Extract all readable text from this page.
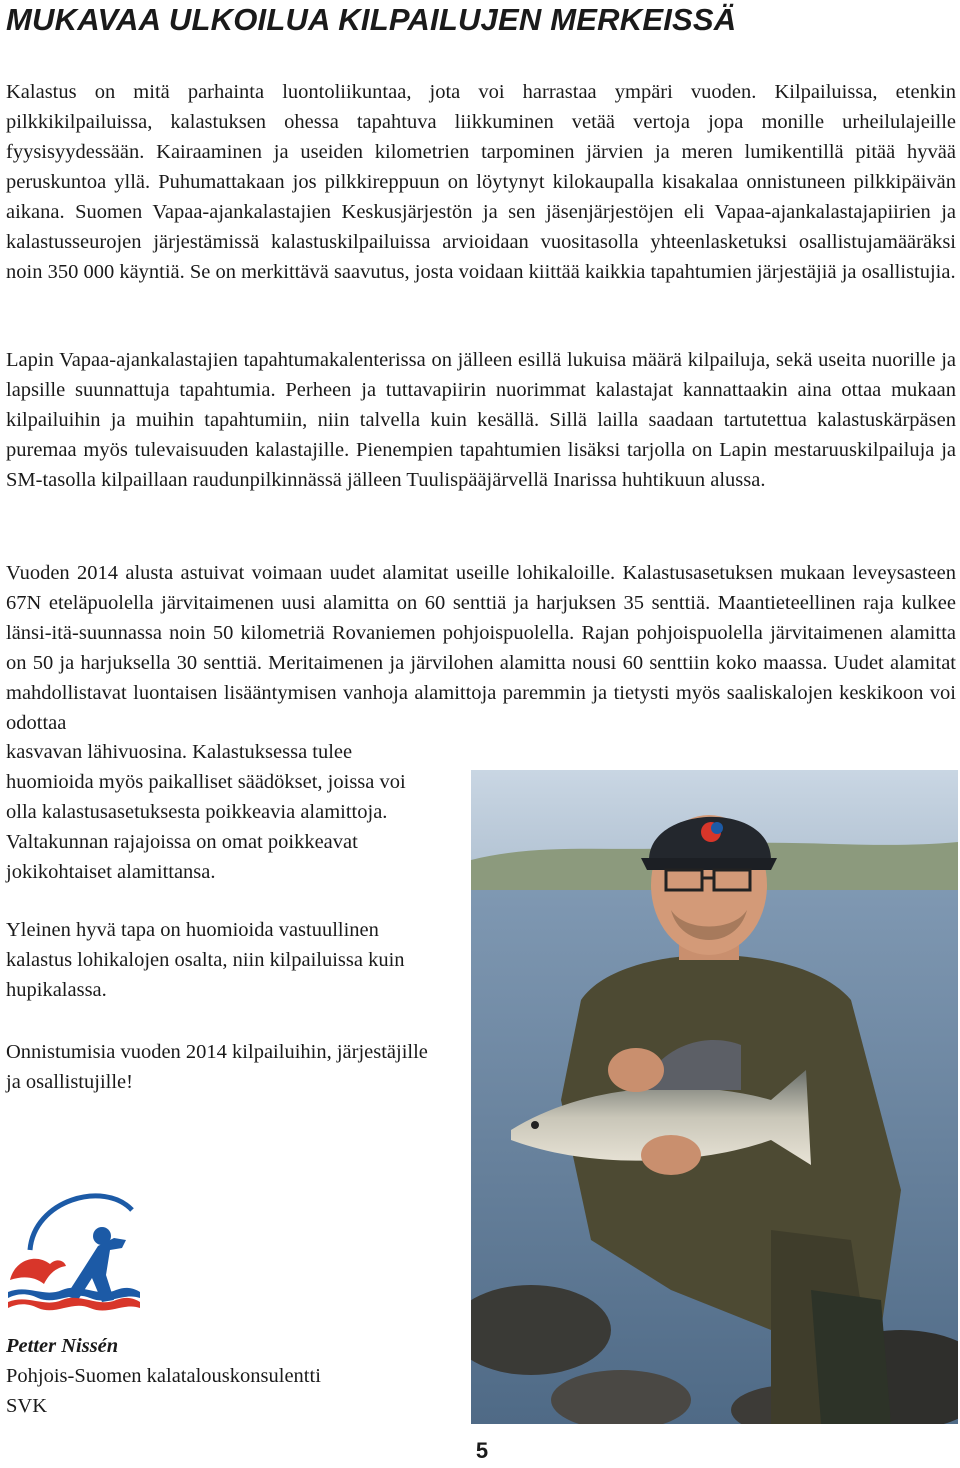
MUKAVAA ULKOILUA KILPAILUJEN MERKEISSÄ

Kalastus on mitä parhainta luontoliikuntaa, jota voi harrastaa ympäri vuoden. Kilpailuissa, etenkin pilkkikilpailuissa, kalastuksen ohessa tapahtuva liikkuminen vetää vertoja jopa monille urheilulajeille fyysisyydessään. Kairaaminen ja useiden kilometrien tarpominen järvien ja meren lumikentillä pitää hyvää peruskuntoa yllä. Puhumattakaan jos pilkkireppuun on löytynyt kilokaupalla kisakalaa onnistuneen pilkkipäivän aikana. Suomen Vapaa-ajankalastajien Keskusjärjestön ja sen jäsenjärjestöjen eli Vapaa-ajankalastajapiirien ja kalastusseurojen järjestämissä kalastuskilpailuissa arvioidaan vuositasolla yhteenlasketuksi osallistujamääräksi noin 350 000 käyntiä. Se on merkittävä saavutus, josta voidaan kiittää kaikkia tapahtumien järjestäjiä ja osallistujia.

Lapin Vapaa-ajankalastajien tapahtumakalenterissa on jälleen esillä lukuisa määrä kilpailuja, sekä useita nuorille ja lapsille suunnattuja tapahtumia. Perheen ja tuttavapiirin nuorimmat kalastajat kannattaakin aina ottaa mukaan kilpailuihin ja muihin tapahtumiin, niin talvella kuin kesällä. Sillä lailla saadaan tartutettua kalastuskärpäsen puremaa myös tulevaisuuden kalastajille. Pienempien tapahtumien lisäksi tarjolla on Lapin mestaruuskilpailuja ja SM-tasolla kilpaillaan raudunpilkinnässä jälleen Tuulispääjärvellä Inarissa huhtikuun alussa.

Vuoden 2014 alusta astuivat voimaan uudet alamitat useille lohikaloille. Kalastusasetuksen mukaan leveysasteen 67N eteläpuolella järvitaimenen uusi alamitta on 60 senttiä ja harjuksen 35 senttiä. Maantieteellinen raja kulkee länsi-itä-suunnassa noin 50 kilometriä Rovaniemen pohjoispuolella. Rajan pohjoispuolella järvitaimenen alamitta on 50 ja harjuksella 30 senttiä. Meritaimenen ja järvilohen alamitta nousi 60 senttiin koko maassa. Uudet alamitat mahdollistavat luontaisen lisääntymisen vanhoja alamittoja paremmin ja tietysti myös saaliskalojen keskikoon voi odottaa

kasvavan lähivuosina. Kalastuksessa tulee huomioida myös paikalliset säädökset, joissa voi olla kalastusasetuksesta poikkeavia alamittoja. Valtakunnan rajajoissa on omat poikkeavat jokikohtaiset alamittansa.

Yleinen hyvä tapa on huomioida vastuullinen kalastus lohikalojen osalta, niin kilpailuissa kuin hupikalassa.

Onnistumisia vuoden 2014 kilpailuihin, järjestäjille ja osallistujille!

Petter Nissén

Pohjois-Suomen kalatalouskonsulentti

SVK

5
